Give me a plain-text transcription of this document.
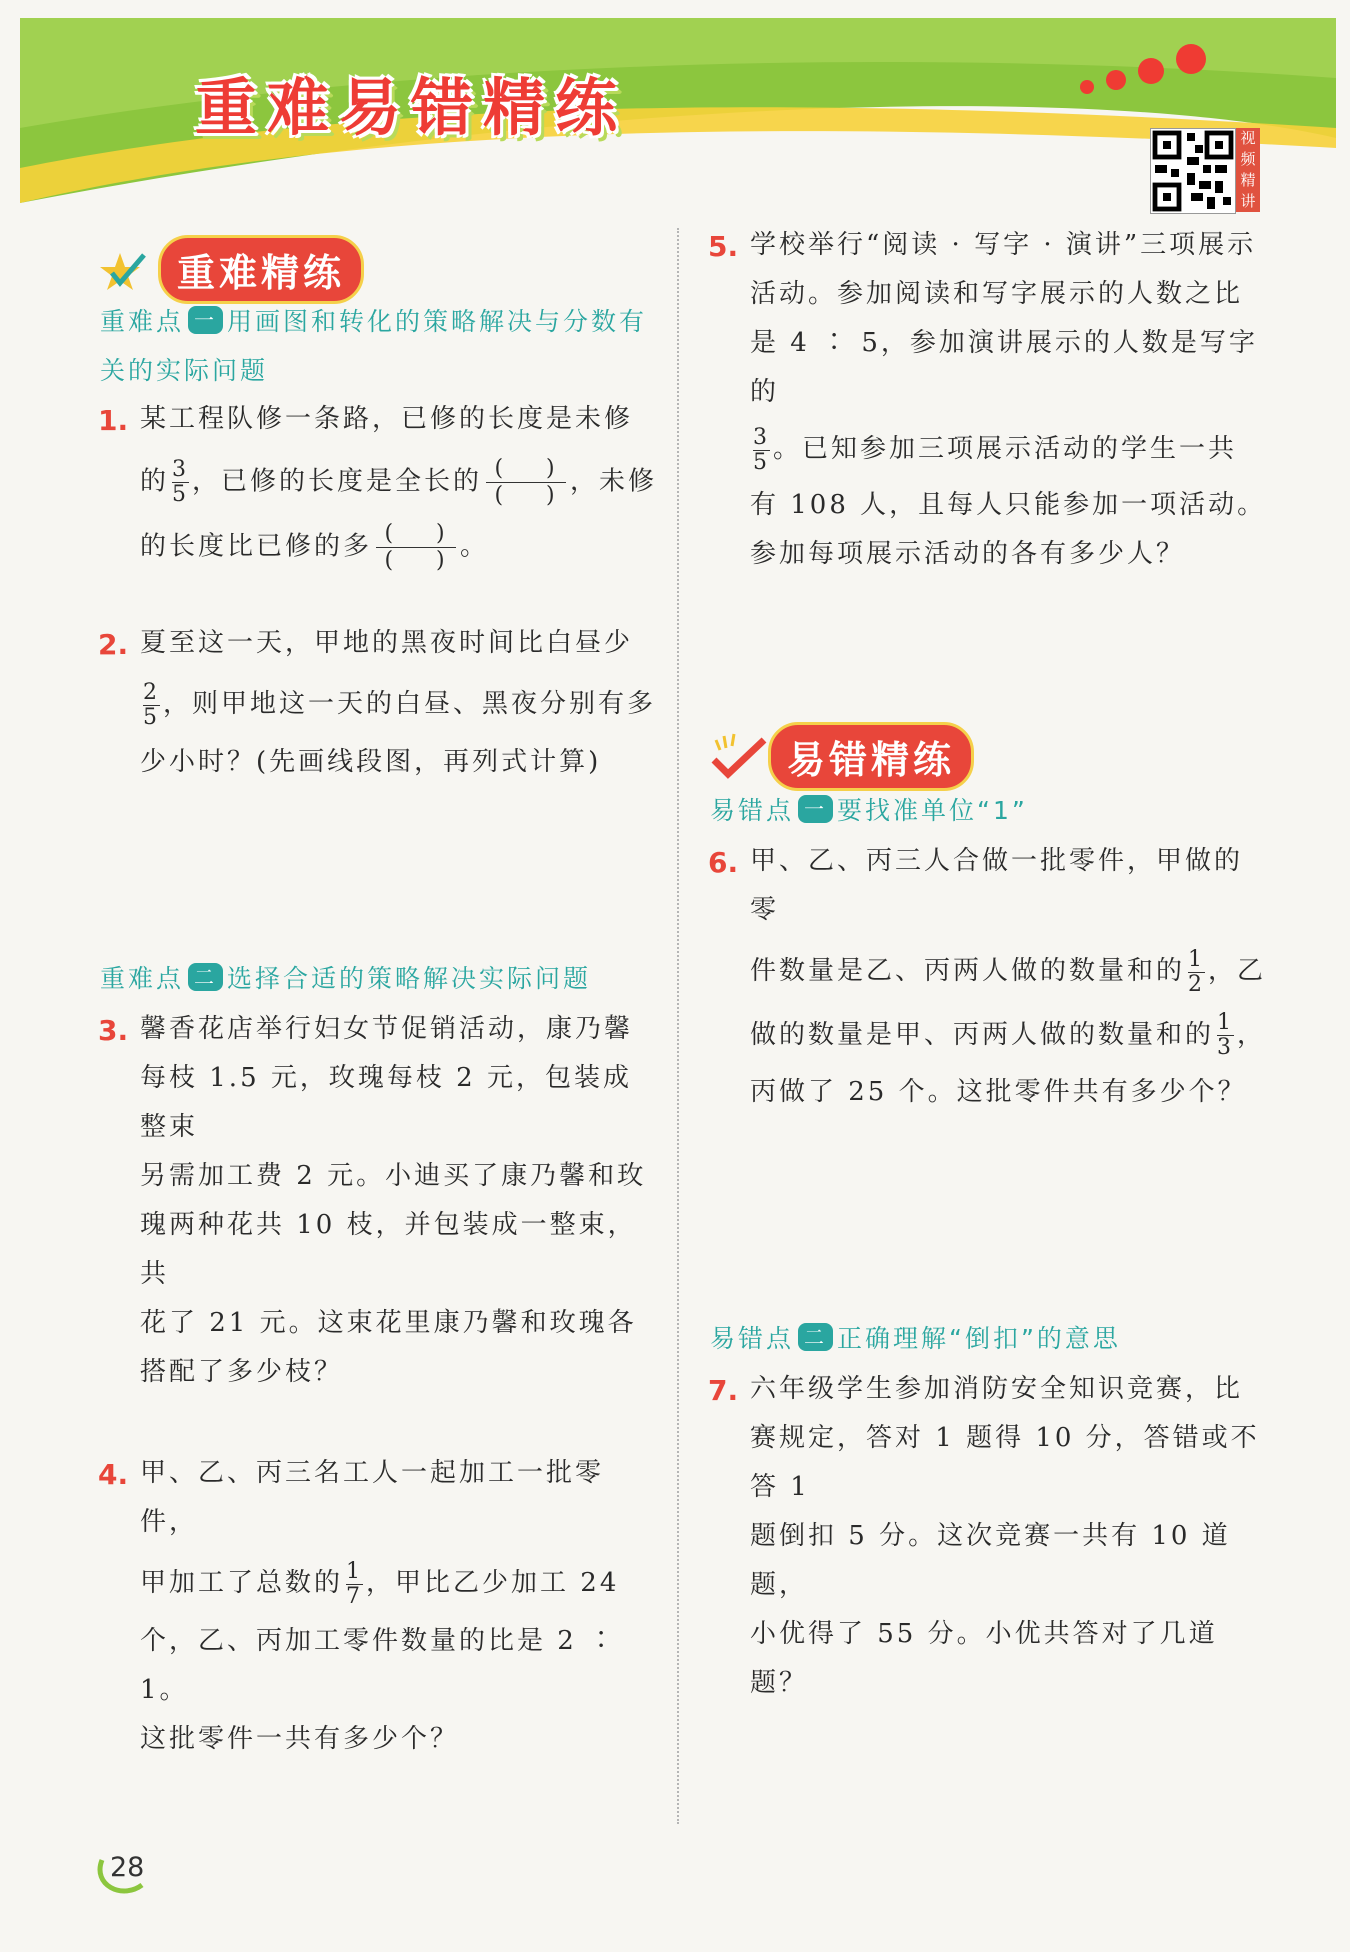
重难易错精练	视频精讲
重难精练
重难点 一 用画图和转化的策略解决与分数有关的实际问题
1. 某工程队修一条路，已修的长度是未修
的 $\frac{3}{5}$ ，已修的长度是全长的 (    )
(    ) ，未修
的长度比已修的多 (    )
(    ) 。
2. 夏至这一天，甲地的黑夜时间比白昼少
$\frac{2}{5}$ ，则甲地这一天的白昼、黑夜分别有多
少小时？(先画线段图，再列式计算)
重难点 二 选择合适的策略解决实际问题
3. 馨香花店举行妇女节促销活动，康乃馨
每枝 1.5 元，玫瑰每枝 2 元，包装成整束
另需加工费 2 元。小迪买了康乃馨和玫
瑰两种花共 10 枝，并包装成一整束，共
花了 21 元。这束花里康乃馨和玫瑰各
搭配了多少枝？
4. 甲、乙、丙三名工人一起加工一批零件，
甲加工了总数的 $\frac{1}{7}$ ，甲比乙少加工 24
个，乙、丙加工零件数量的比是 2 ∶ 1。
这批零件一共有多少个？
5. 学校举行“阅读 · 写字 · 演讲”三项展示
活动。参加阅读和写字展示的人数之比
是 4 ∶ 5，参加演讲展示的人数是写字的
$\frac{3}{5}$ 。已知参加三项展示活动的学生一共
有 108 人，且每人只能参加一项活动。
参加每项展示活动的各有多少人？
易错精练
易错点 一 要找准单位“1”
6. 甲、乙、丙三人合做一批零件，甲做的零
件数量是乙、丙两人做的数量和的 $\frac{1}{2}$ ，乙
做的数量是甲、丙两人做的数量和的 $\frac{1}{3}$ ，
丙做了 25 个。这批零件共有多少个？
易错点 二 正确理解“倒扣”的意思
7. 六年级学生参加消防安全知识竞赛，比
赛规定，答对 1 题得 10 分，答错或不答 1
题倒扣 5 分。这次竞赛一共有 10 道题，
小优得了 55 分。小优共答对了几道题？
28
